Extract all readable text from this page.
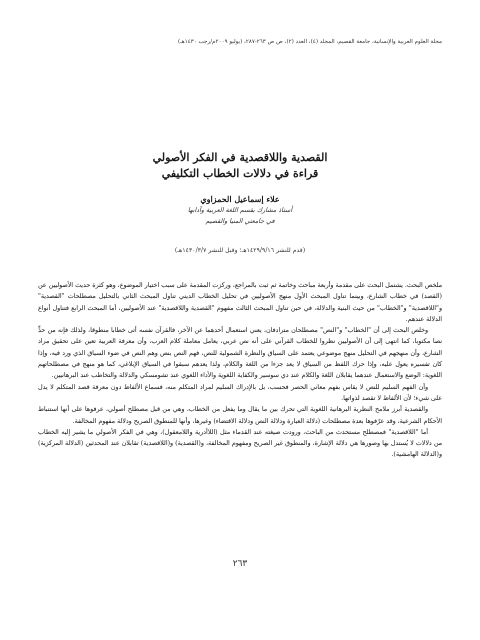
مجلة العلوم العربية والإنسانية، جامعة القصيم، المجلد (٤)، العدد (٢)، ص ص ٢٦٣-٢٨٧، (يوليو ٢٠٠٩م/رجب ١٤٣٠هـ)
القصدية واللاقصدية في الفكر الأصولي
قراءة في دلالات الخطاب التكليفي
علاء إسماعيل الحمزاوي
أستاذ مشارك بقسم اللغة العربية وآدابها
في جامعتي المنيا والقصيم
(قدم للنشر ١٤٢٩/٩/١٦هـ؛ وقبل للنشر ١٤٣٠/٣/٧هـ)

ملخص البحث. يشتمل البحث على مقدمة وأربعة مباحث وخاتمة ثم ثبت بالمراجع، وركزت المقدمة على سبب اختيار الموضوع، وهو كثرة حديث الأصوليين عن (القصد) في خطاب الشارع، وبينما تناول المبحث الأول منهج الأصوليين في تحليل الخطاب الديني تناول المبحث الثاني بالتحليل مصطلحات "القصدية" و"اللاقصدية" و"الخطاب" من حيث البنية والدلالة، في حين تناول المبحث الثالث مفهوم "القصدية واللاقصدية" عند الأصوليين، أما المبحث الرابع فتناول أنواع الدلالة عندهم.

وخلص البحث إلى أن "الخطاب" و"النص" مصطلحان مترادفان، يعني استعمال أحدهما عن الآخر، فالقرآن نفسه أتى خطابا منطوقا، ولذلك فإنه من حدٍّ نصا مكتوبا، كما انتهى إلى أن الأصوليين نظروا للخطاب القرآني على أنه نص عربي، يعامل معاملة كلام العرب، وأن معرفة العربية تعين على تحقيق مراد الشارع، وأن منهجهم في التحليل منهج موضوعي يعتمد على السياق والنظرة الشمولية للنص، فهم النص بنص وهم النص في ضوء السياق الذي ورد فيه، وإذا كان تفسيره يعول عليه، وإذا حرك اللفظ من السياق لا يعد جزءا من اللغة والكلام، ولذا يعدهم سبقوا في السياق الإبلاغي، كما هو منهج في مصطلحاتهم اللغوية: الوضع والاستعمال عندهما يقابلان اللغة والكلام عند دي سوسير والكفاية اللغوية والأداء اللغوي عند تشومسكي والدلالة والتخاطب عند البرهانيين.

وأن الفهم السليم للنص لا يقاس بفهم معاني الحصر فحسب، بل بالإدراك السليم لمراد المتكلم منه، فسماع الألفاظ دون معرفة قصد المتكلم لا يدل على شيء؛ لأن الألفاظ لا تقصد لذواتها.

والقصدية أبرز ملامح النظرية البرهانية اللغوية التي تحرك بين ما يقال وما يفعل من الخطاب، وهي من قبل مصطلح أصولي، عرفوها على أنها استنباط الأحكام الشرعية، وقد عرّفوها بعدة مصطلحات (دلالة العبارة ودلالة النص ودلالة الاقتضاء) وغيرها، وأنها للمنطوق الصريح ودلالة مفهوم المخالفة.

أما "اللاقصدية" فمصطلح مستحدث من الباحث، ورودت صيغته عند القدماء مثل (اللاأدرية واللامعقول)، وهي في الفكر الأصولي ما يشير إليه الخطاب من دلالات لا يُستدل بها وصورها هي دلالة الإشارة، والمنطوق غير الصريح ومفهوم المخالفة، و(القصدية) و(اللاقصدية) تقابلان عند المحدثين (الدلالة المركزية) و(الدلالة الهامشية).

٢٦٣
